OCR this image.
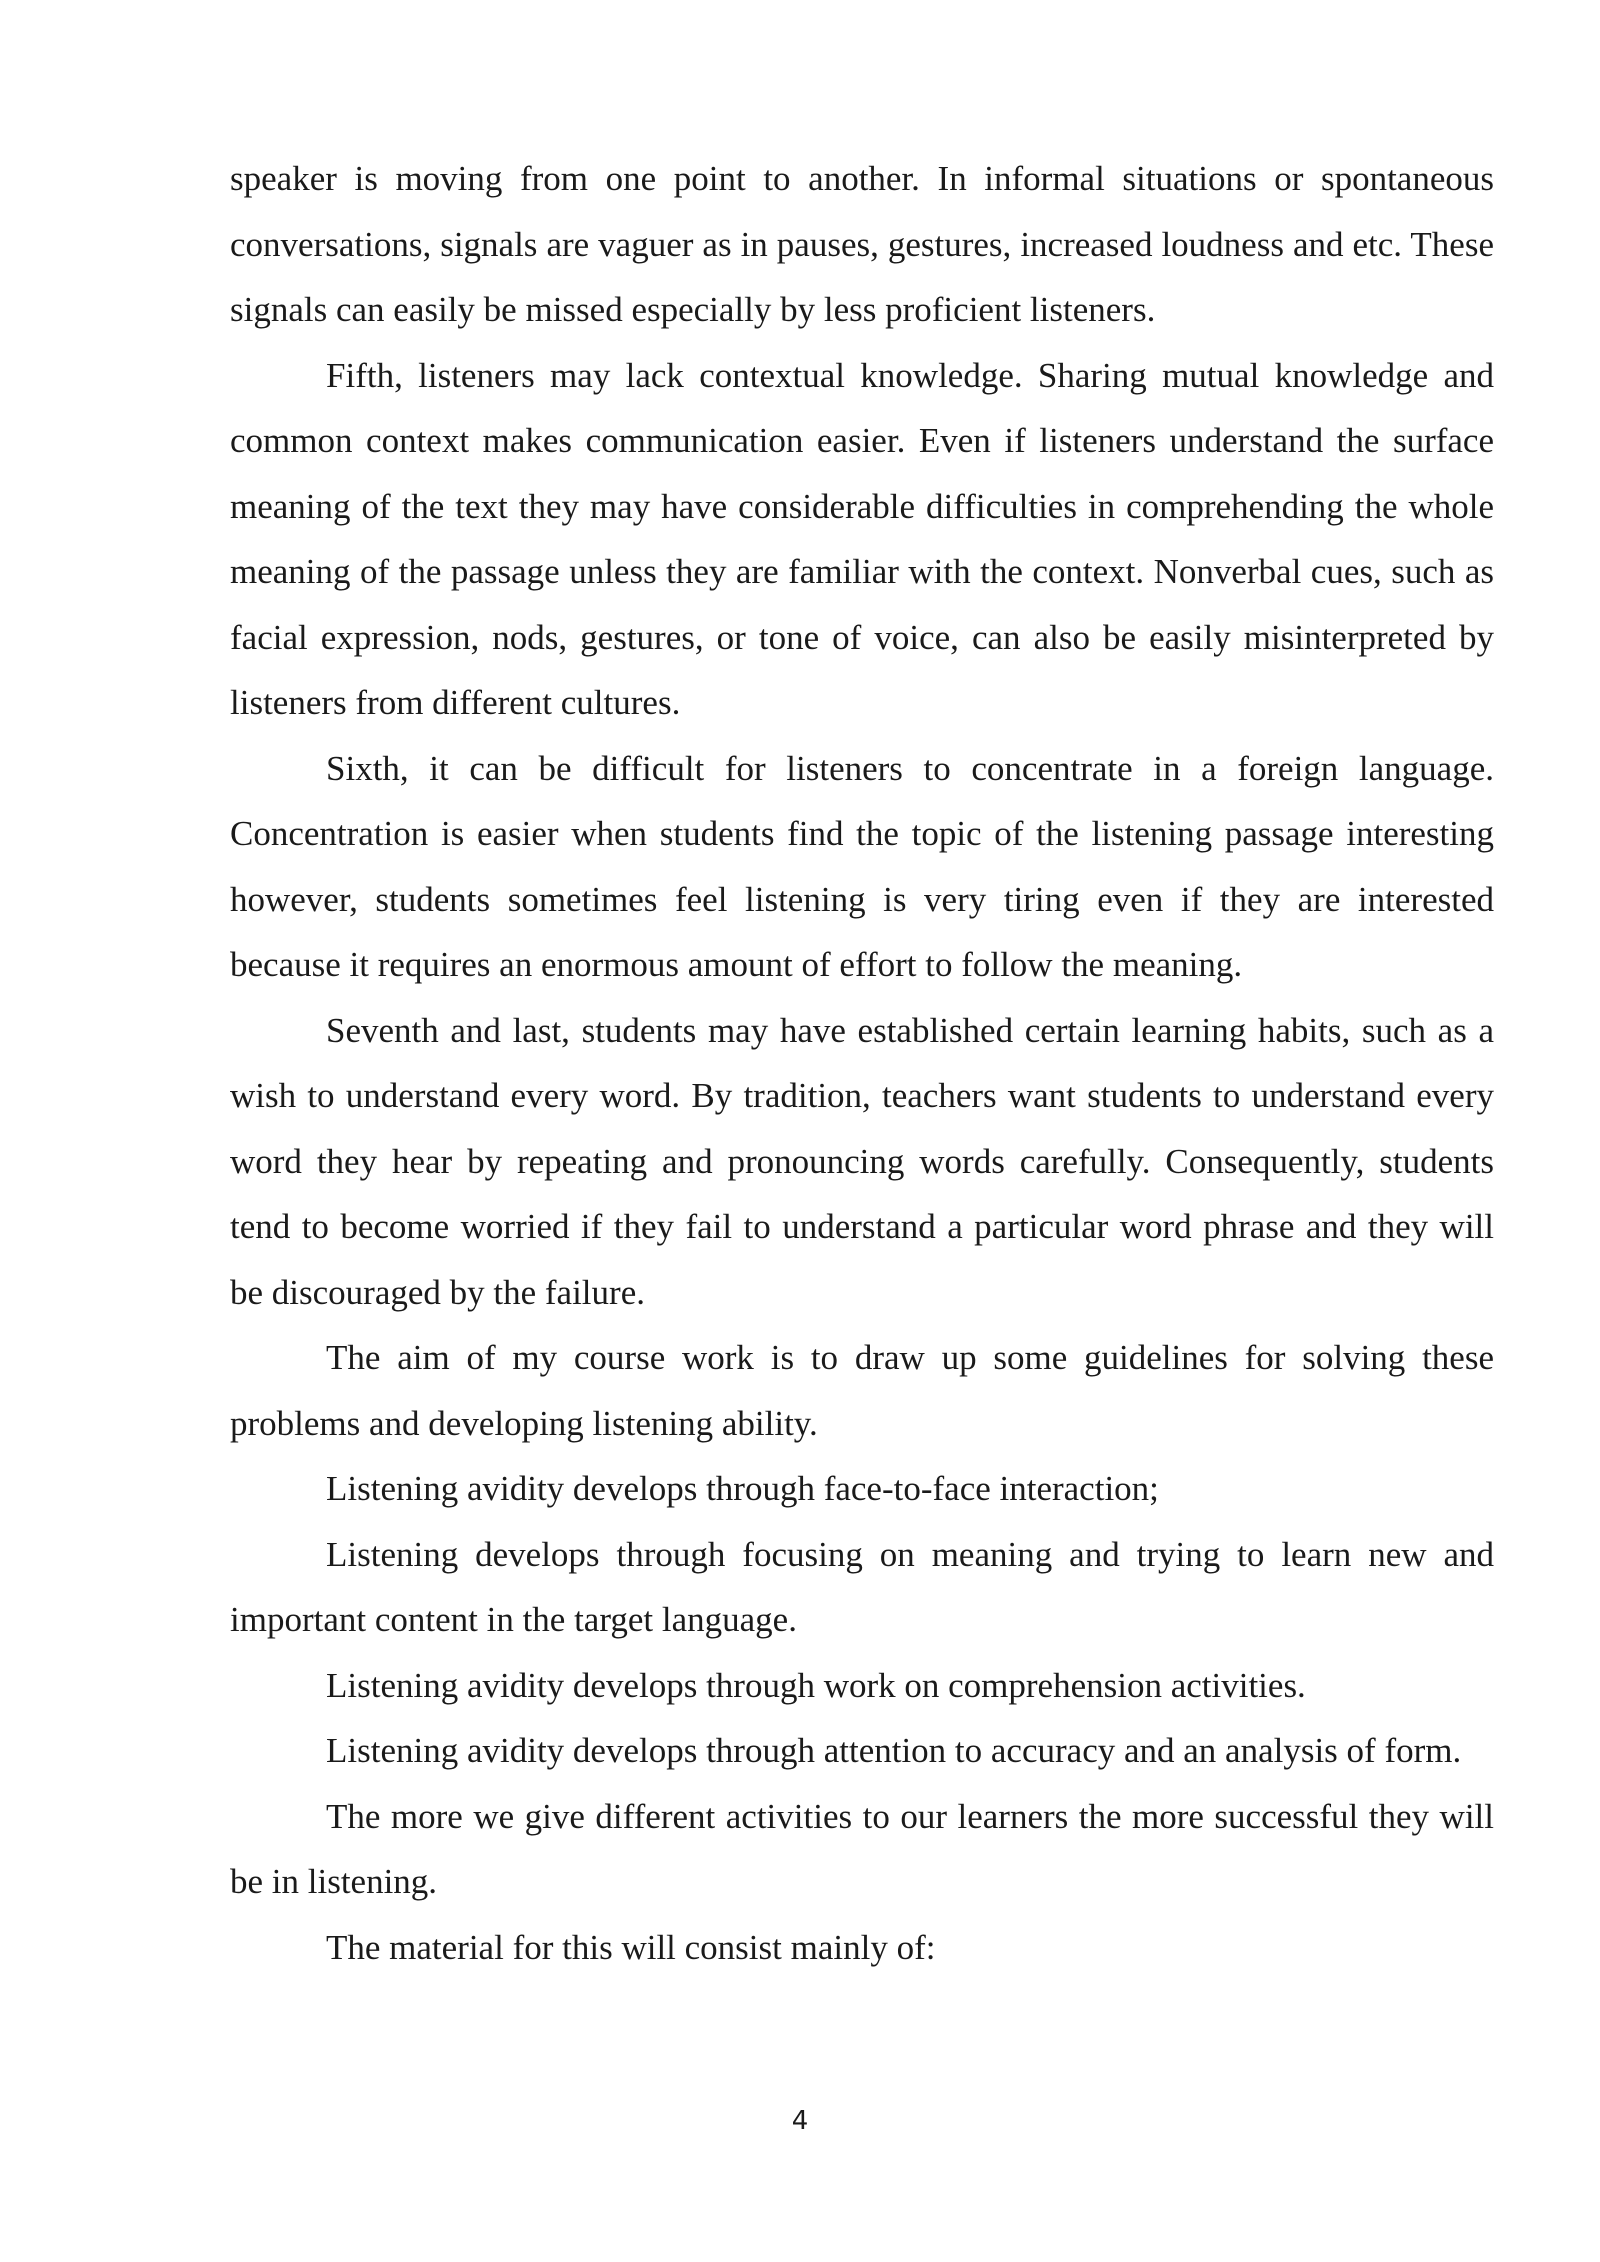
speaker is moving from one point to another. In informal situations or spontaneous conversations, signals are vaguer as in pauses, gestures, increased loudness and etc. These signals can easily be missed especially by less proficient listeners.

Fifth, listeners may lack contextual knowledge. Sharing mutual knowledge and common context makes communication easier. Even if listeners understand the surface meaning of the text they may have considerable difficulties in comprehending the whole meaning of the passage unless they are familiar with the context. Nonverbal cues, such as facial expression, nods, gestures, or tone of voice, can also be easily misinterpreted by listeners from different cultures.

Sixth, it can be difficult for listeners to concentrate in a foreign language. Concentration is easier when students find the topic of the listening passage interesting however, students sometimes feel listening is very tiring even if they are interested because it requires an enormous amount of effort to follow the meaning.

Seventh and last, students may have established certain learning habits, such as a wish to understand every word. By tradition, teachers want students to understand every word they hear by repeating and pronouncing words carefully. Consequently, students tend to become worried if they fail to understand a particular word phrase and they will be discouraged by the failure.

The aim of my course work is to draw up some guidelines for solving these problems and developing listening ability.

Listening avidity develops through face-to-face interaction;

Listening develops through focusing on meaning and trying to learn new and important content in the target language.

Listening avidity develops through work on comprehension activities.

Listening avidity develops through attention to accuracy and an analysis of form.

The more we give different activities to our learners the more successful they will be in listening.

The material for this will consist mainly of:

4
